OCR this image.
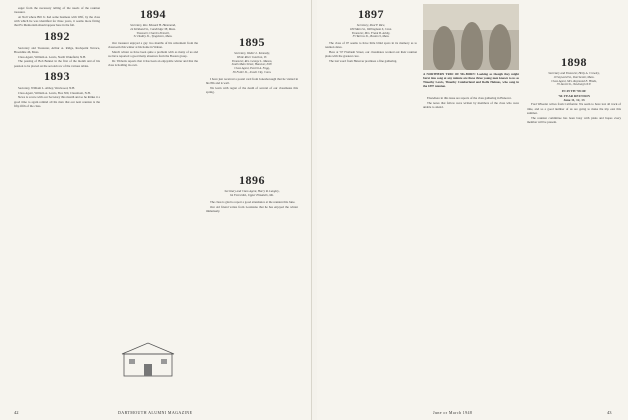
eager from the necessary telling of the needs of the reunion treasurer.

At Noll where Bill Jr. had some business with Wilf, by the class with which he was identified for three years, it seems more fitting that Ex Memoriam should appear here in the fall.

1892

Secretary and Treasurer, Arthur A. Ridge, Rockpoint Terrace, Brookline 46, Mass.

Class Agent, William A. Lewis, North Wakefield, N.H.

The passing of Bob Bennet in the first of the month and of his passion to be placed on the second row of the various tables.

1893

Secretary, William L. Abbey, Westwood, N.H.

Class Agent, William A. Lewis, Box 300, Claremont, N.H.

News is scarce with our Secretary this month and so he thinks it a good time to again remind all his men that our next reunion is the fifty-fifth of the class.

1894
Secretary, Rev. Edward H. Hammond,
24 Kirkland St., Cambridge 38, Mass.
Treasurer, Charles Pennell,
51 Dudley St., Tyngsboro, Mass.

Our treasurer enjoyed a gay two months of his retirement from the classroom this winter at his home in Waban.

March winter as have been quite a problem with as many of us and we have reported a good many absences from the Boston group.

Dr. Tibbetts reports that it has been an enjoyable winter and that the class is holding its own.

1895
Secretary, Walter L. Kennedy,
White River Junction, Vt.
Treasurer, Rev. George L. Mason,
South Main Street, Hanover, N.H.
Class Agent, Everett A. Fogg,
36 Fuller St., Jewett City, Conn.

I have just received a postal card from Jonesborough that he visited in his 80s and is well.

We learn with regret of the death of several of our classmates this spring.

1896
Secretary and Class Agent, Harry R. Langley,
64 Forest Rd., Upper Elizabeth, Me.

The class is glad to report a good attendance at the reunion this June.

Our old friend writes from Louisiana that he has enjoyed the winter immensely.

42	DARTMOUTH ALUMNI MAGAZINE
1897
Secretary, Paul F. Rice,
180 Main St., Wellingham 6, Conn.
Treasurer, Mrs. Frank B. Ashby,
35 Yarrow St., Boston 9, Mass.

The class of 97 seems to have little blind spots in its memory as to reunion dates.

Here at '97 Flatbush Street, our classmates worked out their reunion plans with the greatest care.

The last word from Hanover promises a fine gathering.

A NORTHERN TRIO OF 90s-BORN: Looking as though they might burst into song at any minute are these three young men known to us as Timothy Lewis, Timothy Cumberland and Rolfe Holmes, who sang in the 1897 reunion.

Elsewhere in this issue are reports of the class gathering in Hanover.

The notes that follow were written by members of the class who were unable to attend.

1898
Secretary and Treasurer, Hetty A. Crowley,
19 Seyward St., Dorchester, Mass.
Class Agent, Mrs. Raymond E. Hinds,
35 Alcott St., Newburgh N.Y.
IN 49 TH '98 OF
'50-YEAR REUNION
June 11, 12, 13

Fred Wheeler writes from California: We seem to have lost all track of time, and so a good number of us are going to make the trip east this summer.

The reunion committee has been busy with plans and hopes every member will be present.

June or March 1948	43
